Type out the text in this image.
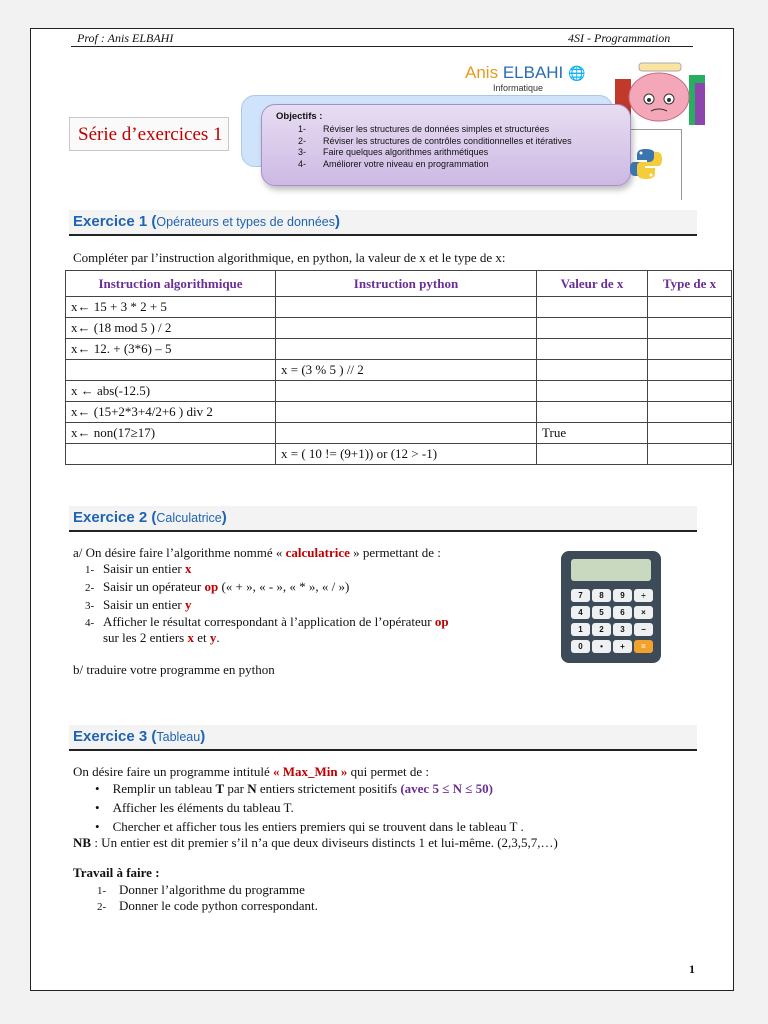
Prof : Anis ELBAHI	4SI - Programmation
Anis ELBAHI 🌐
Informatique
Série d’exercices 1
Objectifs :
1- Réviser les structures de données simples et structurées
2- Réviser les structures de contrôles conditionnelles et itératives
3- Faire quelques algorithmes arithmétiques
4- Améliorer votre niveau en programmation
Exercice 1 (Opérateurs et types de données)
Compléter par l’instruction algorithmique, en python, la valeur de x et le type de x:
Instruction algorithmique	Instruction python	Valeur de x	Type de x
x← 15 + 3 * 2 + 5			
x← (18 mod 5 ) / 2			
x← 12. + (3*6) – 5			
	x = (3 % 5 ) // 2		
x ← abs(-12.5)			
x← (15+2*3+4/2+6 ) div 2			
x← non(17≥17)		True	
	x = ( 10 != (9+1)) or (12 > -1)		
Exercice 2 (Calculatrice)
a/ On désire faire l’algorithme nommé « calculatrice » permettant de :
1- Saisir un entier x
2- Saisir un opérateur op (« + », « - », « * », « / »)
3- Saisir un entier y
4- Afficher le résultat correspondant à l’application de l’opérateur op
sur les 2 entiers x et y.
b/ traduire votre programme en python
7	8	9	÷
4	5	6	×
1	2	3	−
0	•	+	=
Exercice 3 (Tableau)
On désire faire un programme intitulé « Max_Min » qui permet de :
•    Remplir un tableau T par N entiers strictement positifs (avec 5 ≤ N ≤ 50)
•    Afficher les éléments du tableau T.
•    Chercher et afficher tous les entiers premiers qui se trouvent dans le tableau T .
NB : Un entier est dit premier s’il n’a que deux diviseurs distincts 1 et lui-même. (2,3,5,7,…)
Travail à faire :
1- Donner l’algorithme du programme
2- Donner le code python correspondant.
1
